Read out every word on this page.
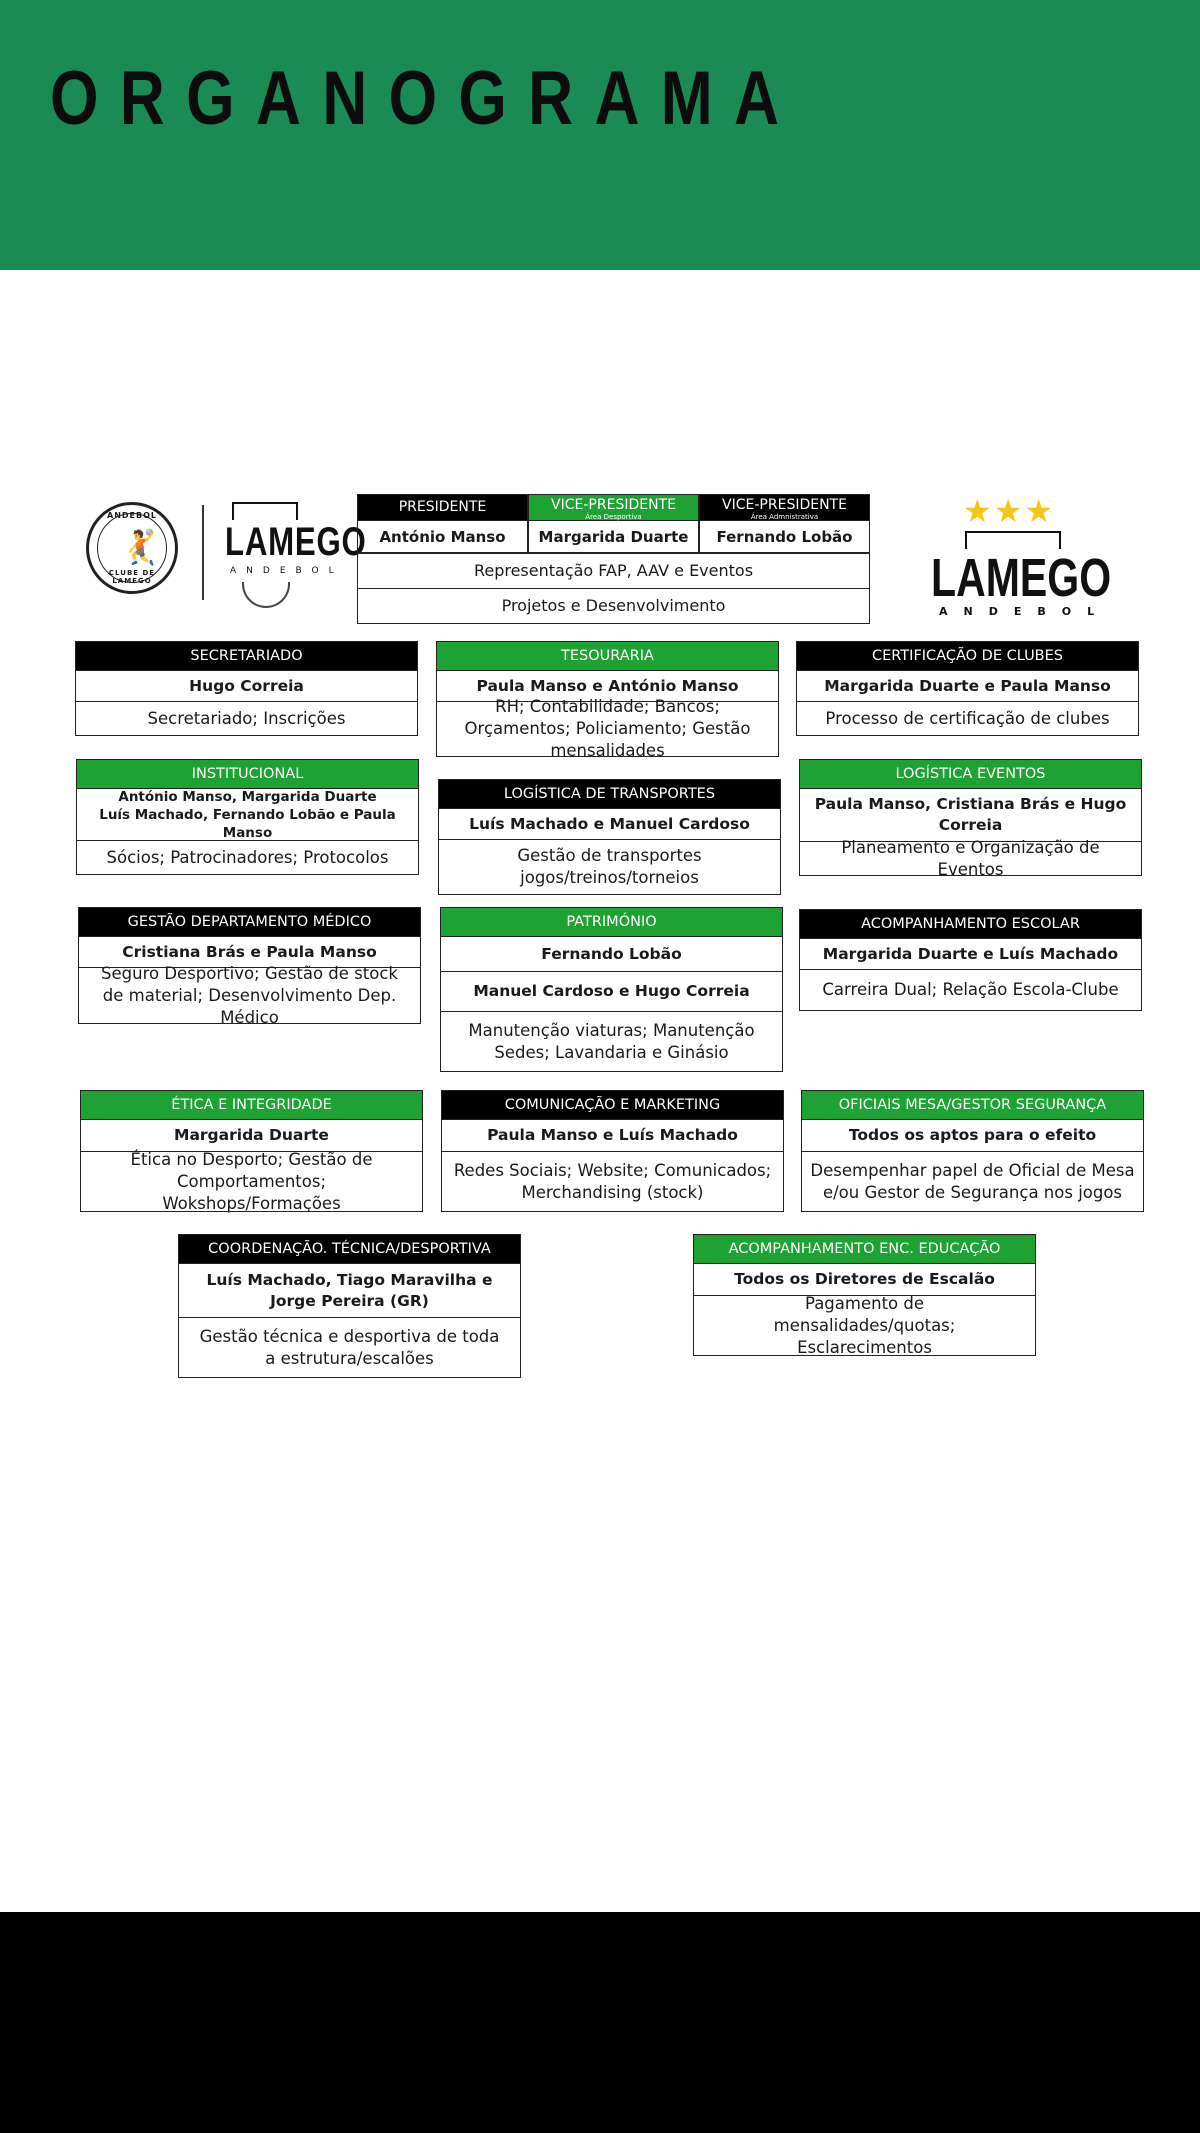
ORGANOGRAMA
ANDEBOL
🤾
CLUBE DE LAMEGO
LAMEGO
ANDEBOL
★★★
LAMEGO
ANDEBOL
PRESIDENTE
António Manso
VICE-PRESIDENTE
Área Desportiva
Margarida Duarte
VICE-PRESIDENTE
Área Admnistrativa
Fernando Lobão
Representação FAP, AAV e Eventos
Projetos e Desenvolvimento
SECRETARIADO
Hugo Correia
Secretariado; Inscrições
TESOURARIA
Paula Manso e António Manso
RH; Contabilidade; Bancos; Orçamentos; Policiamento; Gestão mensalidades
CERTIFICAÇÃO DE CLUBES
Margarida Duarte e Paula Manso
Processo de certificação de clubes
INSTITUCIONAL
António Manso, Margarida Duarte
Luís Machado, Fernando Lobão e Paula Manso
Sócios; Patrocinadores; Protocolos
LOGÍSTICA DE TRANSPORTES
Luís Machado e Manuel Cardoso
Gestão de transportes jogos/treinos/torneios
LOGÍSTICA EVENTOS
Paula Manso, Cristiana Brás e Hugo Correia
Planeamento e Organização de Eventos
GESTÃO DEPARTAMENTO MÉDICO
Cristiana Brás e Paula Manso
Seguro Desportivo; Gestão de stock de material; Desenvolvimento Dep. Médico
PATRIMÓNIO
Fernando Lobão
Manuel Cardoso e Hugo Correia
Manutenção viaturas; Manutenção Sedes; Lavandaria e Ginásio
ACOMPANHAMENTO ESCOLAR
Margarida Duarte e Luís Machado
Carreira Dual; Relação Escola-Clube
ÉTICA E INTEGRIDADE
Margarida Duarte
Ética no Desporto; Gestão de Comportamentos; Wokshops/Formações
COMUNICAÇÃO E MARKETING
Paula Manso e Luís Machado
Redes Sociais; Website; Comunicados; Merchandising (stock)
OFICIAIS MESA/GESTOR SEGURANÇA
Todos os aptos para o efeito
Desempenhar papel de Oficial de Mesa e/ou Gestor de Segurança nos jogos
COORDENAÇÃO. TÉCNICA/DESPORTIVA
Luís Machado, Tiago Maravilha e Jorge Pereira (GR)
Gestão técnica e desportiva de toda a estrutura/escalões
ACOMPANHAMENTO ENC. EDUCAÇÃO
Todos os Diretores de Escalão
Pagamento de mensalidades/quotas; Esclarecimentos
